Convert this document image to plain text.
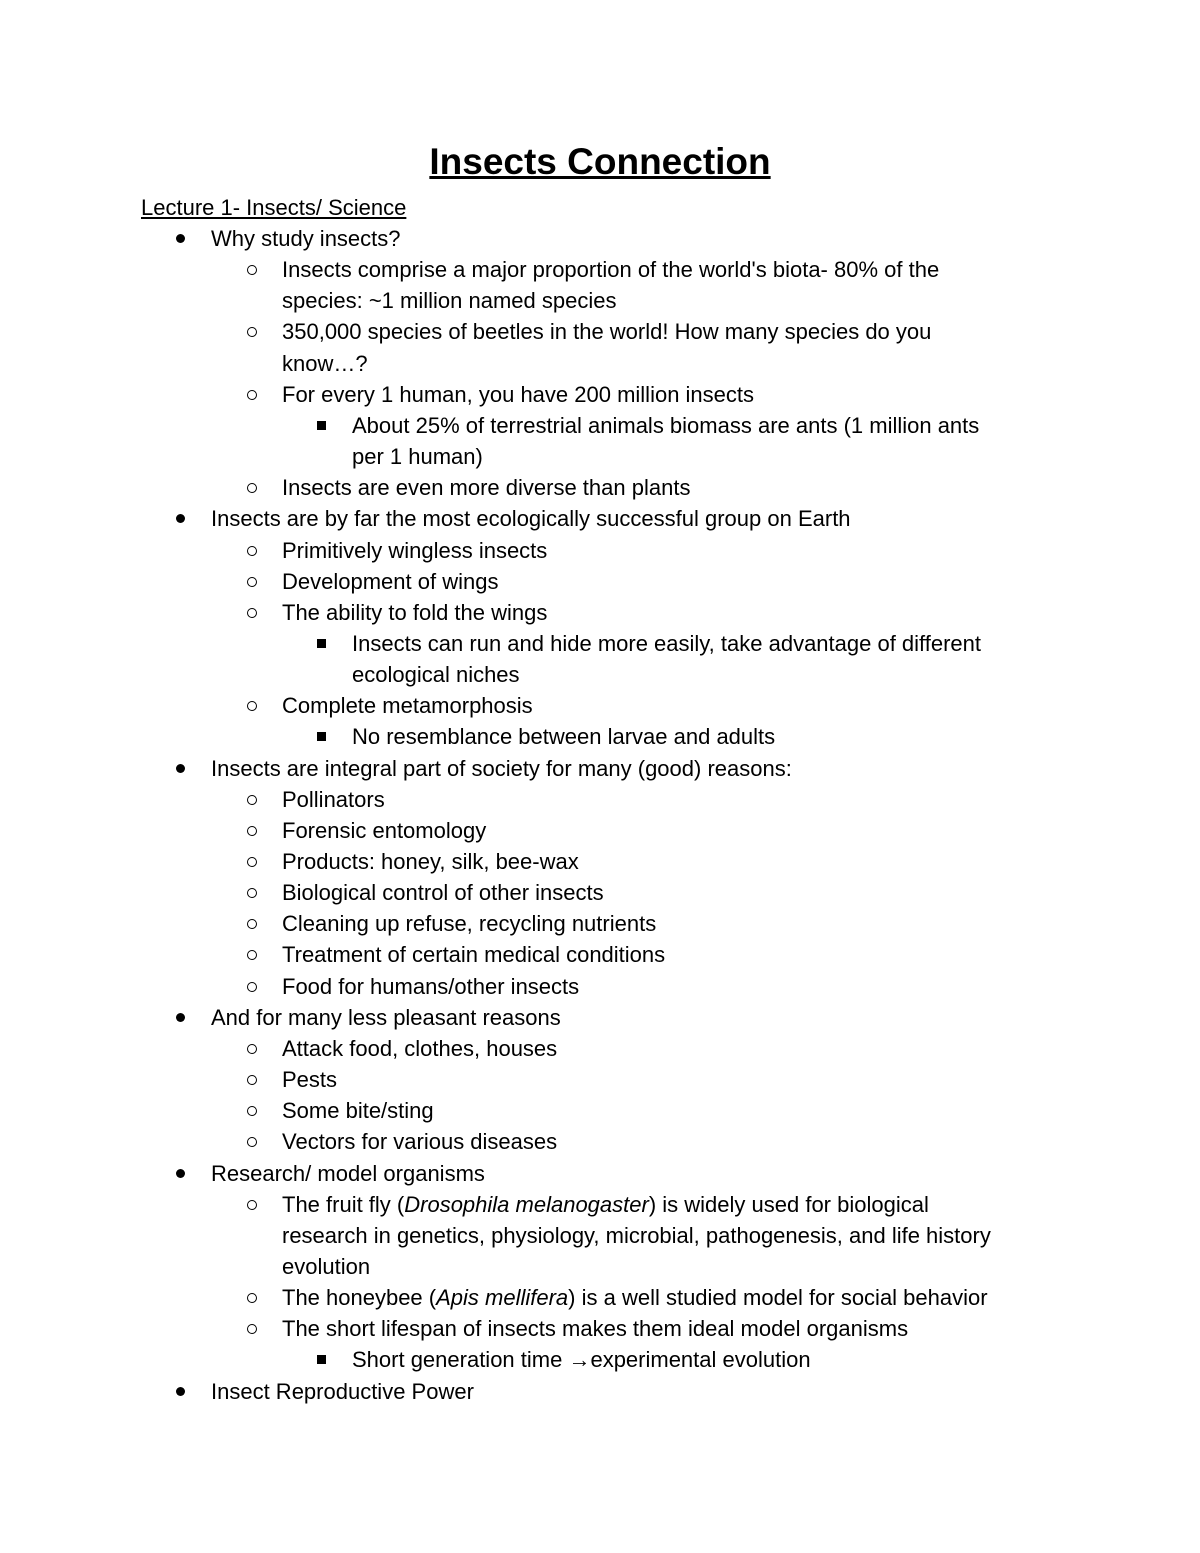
Insects Connection
Lecture 1- Insects/ Science
Why study insects?
Insects comprise a major proportion of the world's biota- 80% of the
species: ~1 million named species
350,000 species of beetles in the world! How many species do you
know…?
For every 1 human, you have 200 million insects
About 25% of terrestrial animals biomass are ants (1 million ants
per 1 human)
Insects are even more diverse than plants
Insects are by far the most ecologically successful group on Earth
Primitively wingless insects
Development of wings
The ability to fold the wings
Insects can run and hide more easily, take advantage of different
ecological niches
Complete metamorphosis
No resemblance between larvae and adults
Insects are integral part of society for many (good) reasons:
Pollinators
Forensic entomology
Products: honey, silk, bee-wax
Biological control of other insects
Cleaning up refuse, recycling nutrients
Treatment of certain medical conditions
Food for humans/other insects
And for many less pleasant reasons
Attack food, clothes, houses
Pests
Some bite/sting
Vectors for various diseases
Research/ model organisms
The fruit fly (Drosophila melanogaster) is widely used for biological
research in genetics, physiology, microbial, pathogenesis, and life history
evolution
The honeybee (Apis mellifera) is a well studied model for social behavior
The short lifespan of insects makes them ideal model organisms
Short generation time →experimental evolution
Insect Reproductive Power
